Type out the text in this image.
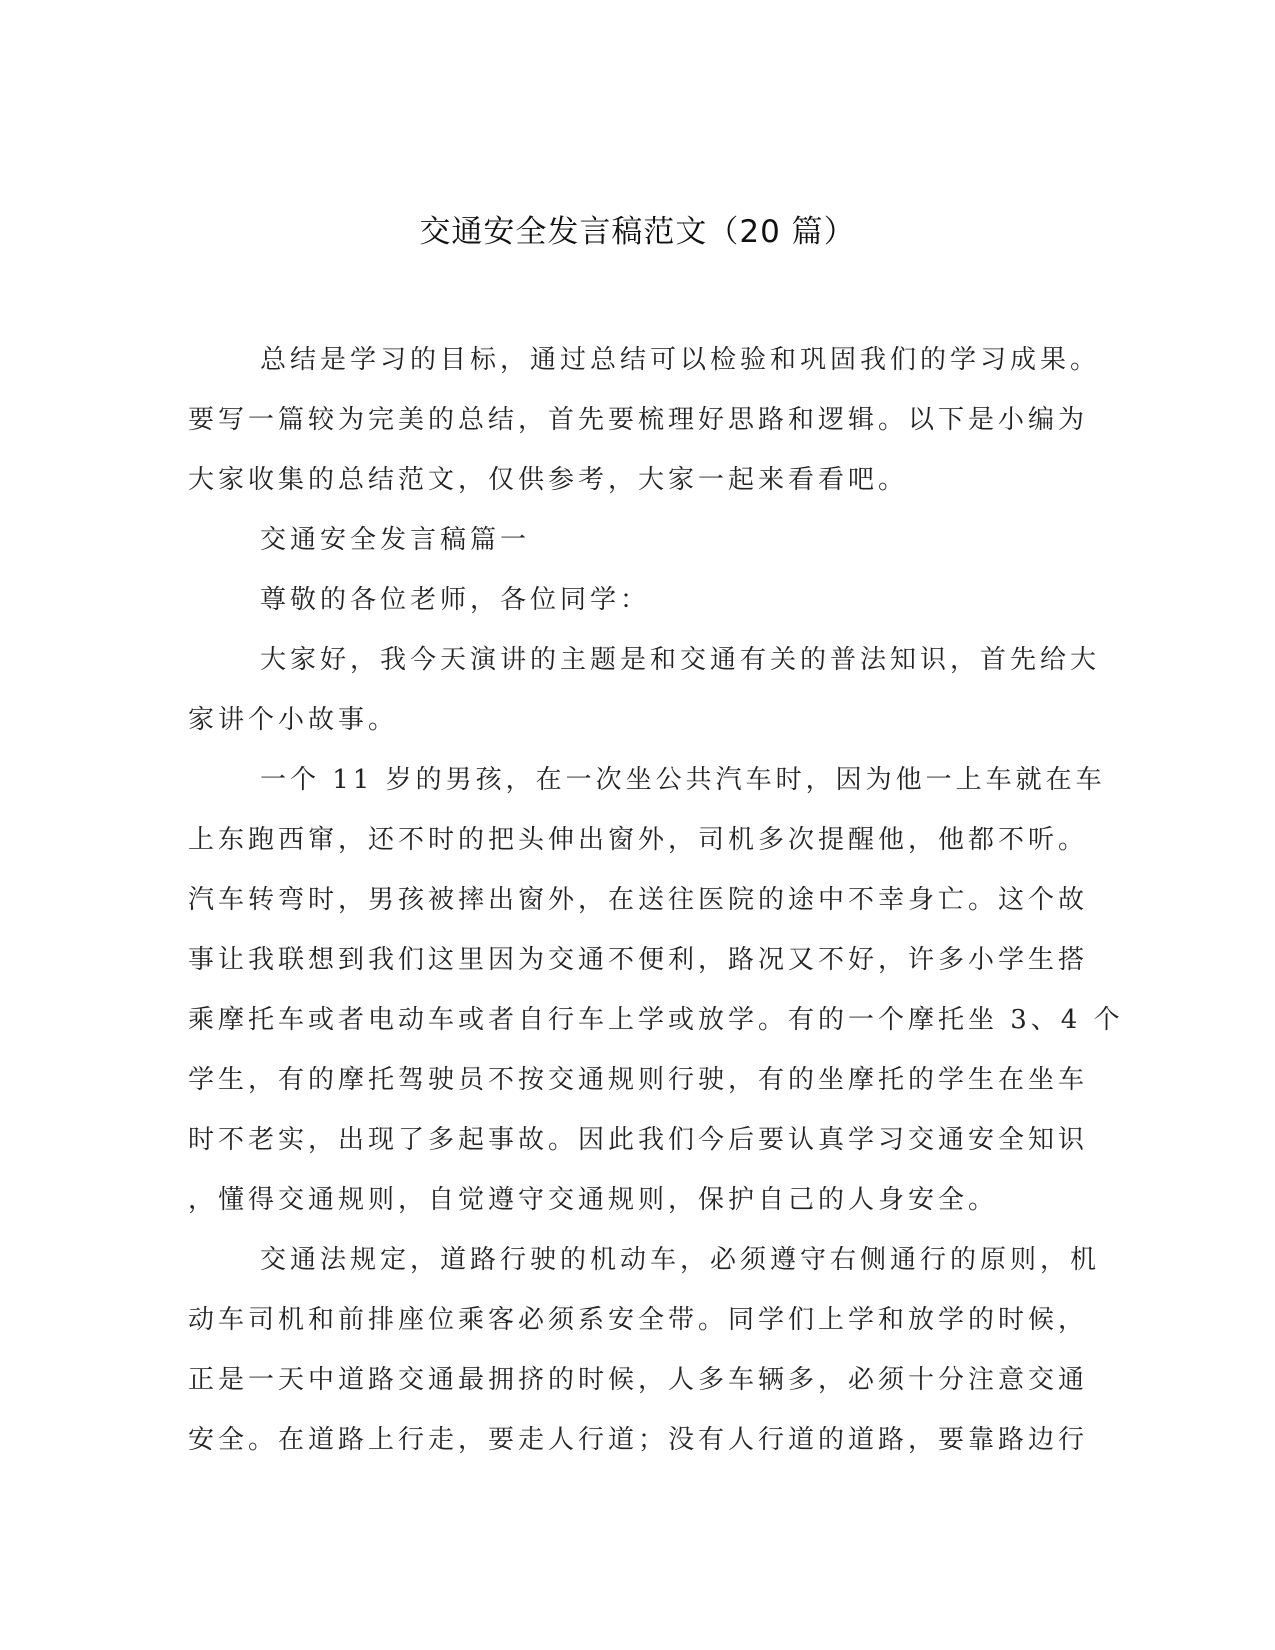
交通安全发言稿范文（20 篇）
总结是学习的目标，通过总结可以检验和巩固我们的学习成果。
要写一篇较为完美的总结，首先要梳理好思路和逻辑。以下是小编为
大家收集的总结范文，仅供参考，大家一起来看看吧。
交通安全发言稿篇一
尊敬的各位老师，各位同学：
大家好，我今天演讲的主题是和交通有关的普法知识，首先给大
家讲个小故事。
一个 11 岁的男孩，在一次坐公共汽车时，因为他一上车就在车
上东跑西窜，还不时的把头伸出窗外，司机多次提醒他，他都不听。
汽车转弯时，男孩被摔出窗外，在送往医院的途中不幸身亡。这个故
事让我联想到我们这里因为交通不便利，路况又不好，许多小学生搭
乘摩托车或者电动车或者自行车上学或放学。有的一个摩托坐 3、4 个
学生，有的摩托驾驶员不按交通规则行驶，有的坐摩托的学生在坐车
时不老实，出现了多起事故。因此我们今后要认真学习交通安全知识
，懂得交通规则，自觉遵守交通规则，保护自己的人身安全。
交通法规定，道路行驶的机动车，必须遵守右侧通行的原则，机
动车司机和前排座位乘客必须系安全带。同学们上学和放学的时候，
正是一天中道路交通最拥挤的时候，人多车辆多，必须十分注意交通
安全。在道路上行走，要走人行道；没有人行道的道路，要靠路边行
